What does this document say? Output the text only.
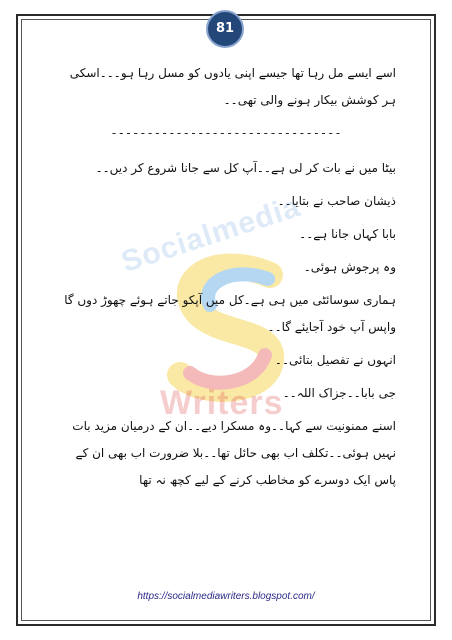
81
Socialmedia
Writers
اسے ایسے مل رہا تھا جیسے اپنی یادوں کو مسل رہا ہو۔۔۔اسکی ہر کوشش بیکار ہونے والی تھی۔۔
--------------------------------
بیٹا میں نے بات کر لی ہے۔۔آپ کل سے جانا شروع کر دیں۔۔
ذیشان صاحب نے بتایا۔۔
بابا کہاں جانا ہے۔۔
وہ پرجوش ہوئی۔
ہماری سوسائٹی میں ہی ہے۔کل میں آپکو جاتے ہوئے چھوڑ دوں گا واپس آپ خود آجایئے گا۔۔
انہوں نے تفصیل بتائی۔۔
جی بابا۔۔جزاک اللہ۔۔
اسنے ممنونیت سے کہا۔۔وہ مسکرا دیے۔۔ان کے درمیان مزید بات نہیں ہوئی۔۔تکلف اب بھی حائل تھا۔۔بلا ضرورت اب بھی ان کے پاس ایک دوسرے کو مخاطب کرنے کے لیے کچھ نہ تھا
https://socialmediawriters.blogspot.com/
